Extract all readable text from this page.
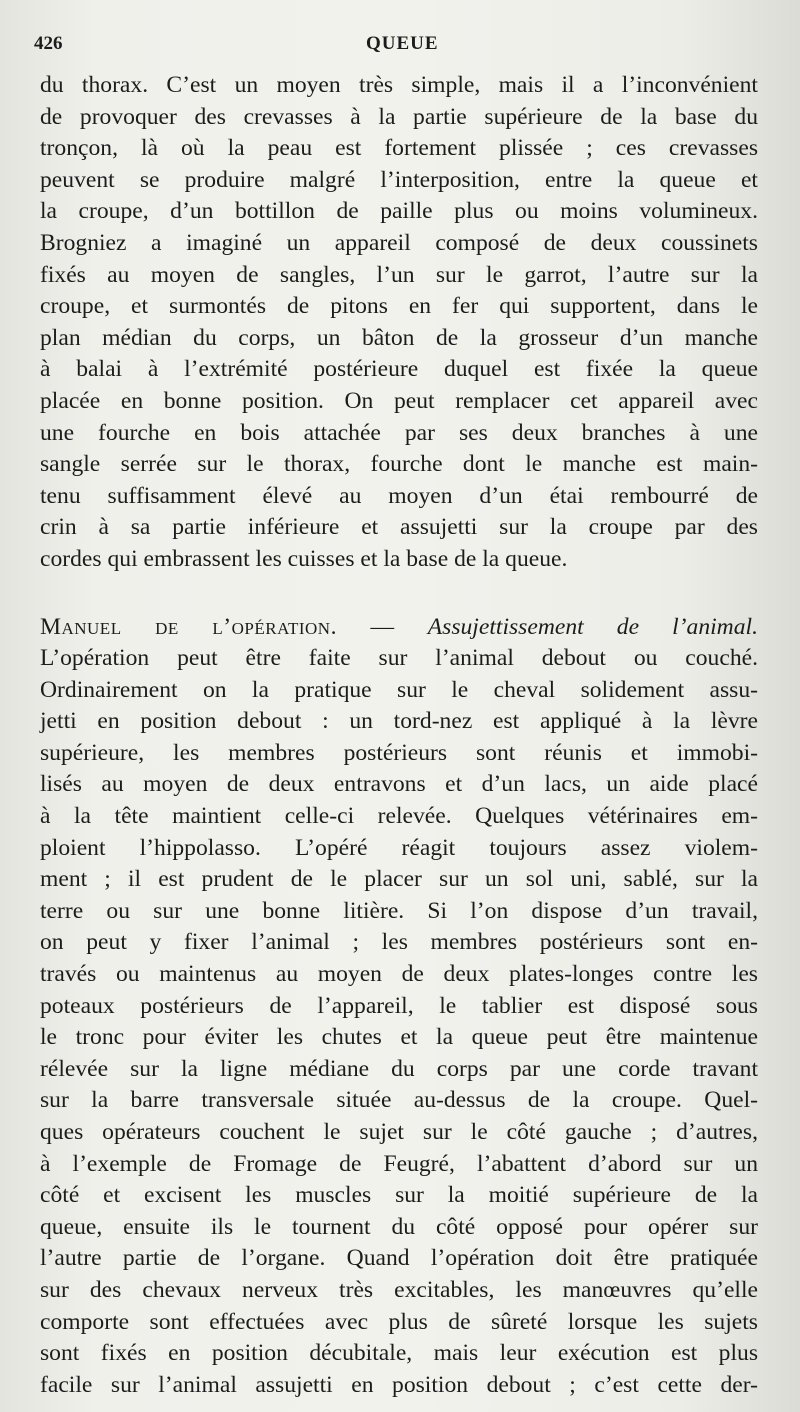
426	QUEUE
du thorax. C’est un moyen très simple, mais il a l’inconvénient
de provoquer des crevasses à la partie supérieure de la base du
tronçon, là où la peau est fortement plissée ; ces crevasses
peuvent se produire malgré l’interposition, entre la queue et
la croupe, d’un bottillon de paille plus ou moins volumineux.
Brogniez a imaginé un appareil composé de deux coussinets
fixés au moyen de sangles, l’un sur le garrot, l’autre sur la
croupe, et surmontés de pitons en fer qui supportent, dans le
plan médian du corps, un bâton de la grosseur d’un manche
à balai à l’extrémité postérieure duquel est fixée la queue
placée en bonne position. On peut remplacer cet appareil avec
une fourche en bois attachée par ses deux branches à une
sangle serrée sur le thorax, fourche dont le manche est main-
tenu suffisamment élevé au moyen d’un étai rembourré de
crin à sa partie inférieure et assujetti sur la croupe par des
cordes qui embrassent les cuisses et la base de la queue.
Manuel de l’opération. — Assujettissement de l’animal.
L’opération peut être faite sur l’animal debout ou couché.
Ordinairement on la pratique sur le cheval solidement assu-
jetti en position debout : un tord-nez est appliqué à la lèvre
supérieure, les membres postérieurs sont réunis et immobi-
lisés au moyen de deux entravons et d’un lacs, un aide placé
à la tête maintient celle-ci relevée. Quelques vétérinaires em-
ploient l’hippolasso. L’opéré réagit toujours assez violem-
ment ; il est prudent de le placer sur un sol uni, sablé, sur la
terre ou sur une bonne litière. Si l’on dispose d’un travail,
on peut y fixer l’animal ; les membres postérieurs sont en-
través ou maintenus au moyen de deux plates-longes contre les
poteaux postérieurs de l’appareil, le tablier est disposé sous
le tronc pour éviter les chutes et la queue peut être maintenue
rélevée sur la ligne médiane du corps par une corde travant
sur la barre transversale située au-dessus de la croupe. Quel-
ques opérateurs couchent le sujet sur le côté gauche ; d’autres,
à l’exemple de Fromage de Feugré, l’abattent d’abord sur un
côté et excisent les muscles sur la moitié supérieure de la
queue, ensuite ils le tournent du côté opposé pour opérer sur
l’autre partie de l’organe. Quand l’opération doit être pratiquée
sur des chevaux nerveux très excitables, les manœuvres qu’elle
comporte sont effectuées avec plus de sûreté lorsque les sujets
sont fixés en position décubitale, mais leur exécution est plus
facile sur l’animal assujetti en position debout ; c’est cette der-
